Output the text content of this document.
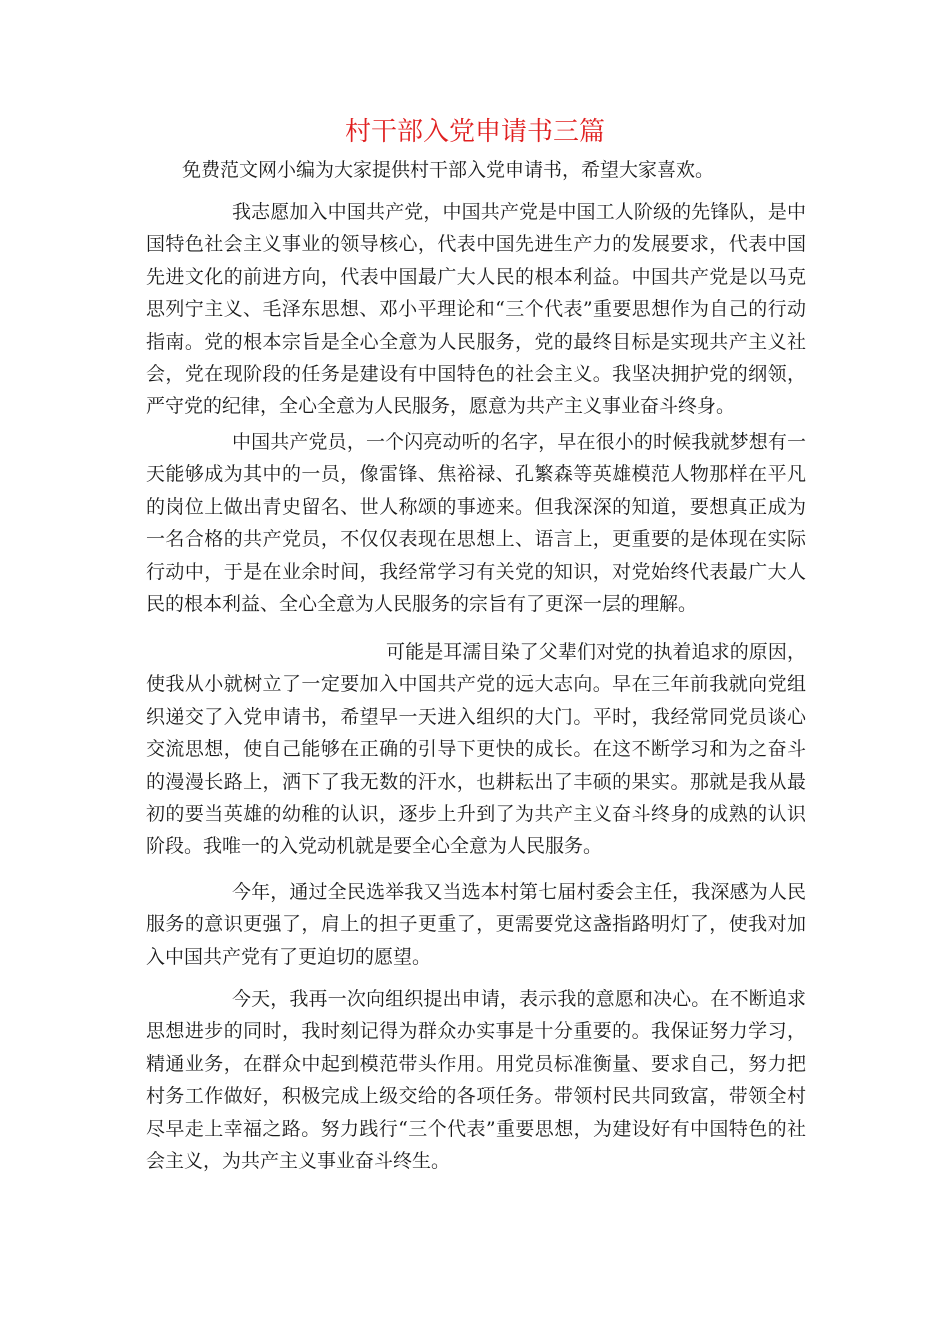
村干部入党申请书三篇

免费范文网小编为大家提供村干部入党申请书，希望大家喜欢。

我志愿加入中国共产党，中国共产党是中国工人阶级的先锋队，是中国特色社会主义事业的领导核心，代表中国先进生产力的发展要求，代表中国先进文化的前进方向，代表中国最广大人民的根本利益。中国共产党是以马克思列宁主义、毛泽东思想、邓小平理论和“三个代表”重要思想作为自己的行动指南。党的根本宗旨是全心全意为人民服务，党的最终目标是实现共产主义社会，党在现阶段的任务是建设有中国特色的社会主义。我坚决拥护党的纲领，严守党的纪律，全心全意为人民服务，愿意为共产主义事业奋斗终身。

中国共产党员，一个闪亮动听的名字，早在很小的时候我就梦想有一天能够成为其中的一员，像雷锋、焦裕禄、孔繁森等英雄模范人物那样在平凡的岗位上做出青史留名、世人称颂的事迹来。但我深深的知道，要想真正成为一名合格的共产党员，不仅仅表现在思想上、语言上，更重要的是体现在实际行动中，于是在业余时间，我经常学习有关党的知识，对党始终代表最广大人民的根本利益、全心全意为人民服务的宗旨有了更深一层的理解。

可能是耳濡目染了父辈们对党的执着追求的原因，使我从小就树立了一定要加入中国共产党的远大志向。早在三年前我就向党组织递交了入党申请书，希望早一天进入组织的大门。平时，我经常同党员谈心交流思想，使自己能够在正确的引导下更快的成长。在这不断学习和为之奋斗的漫漫长路上，洒下了我无数的汗水，也耕耘出了丰硕的果实。那就是我从最初的要当英雄的幼稚的认识，逐步上升到了为共产主义奋斗终身的成熟的认识阶段。我唯一的入党动机就是要全心全意为人民服务。

今年，通过全民选举我又当选本村第七届村委会主任，我深感为人民服务的意识更强了，肩上的担子更重了，更需要党这盏指路明灯了，使我对加入中国共产党有了更迫切的愿望。

今天，我再一次向组织提出申请，表示我的意愿和决心。在不断追求思想进步的同时，我时刻记得为群众办实事是十分重要的。我保证努力学习，精通业务，在群众中起到模范带头作用。用党员标准衡量、要求自己，努力把村务工作做好，积极完成上级交给的各项任务。带领村民共同致富，带领全村尽早走上幸福之路。努力践行“三个代表”重要思想，为建设好有中国特色的社会主义，为共产主义事业奋斗终生。
